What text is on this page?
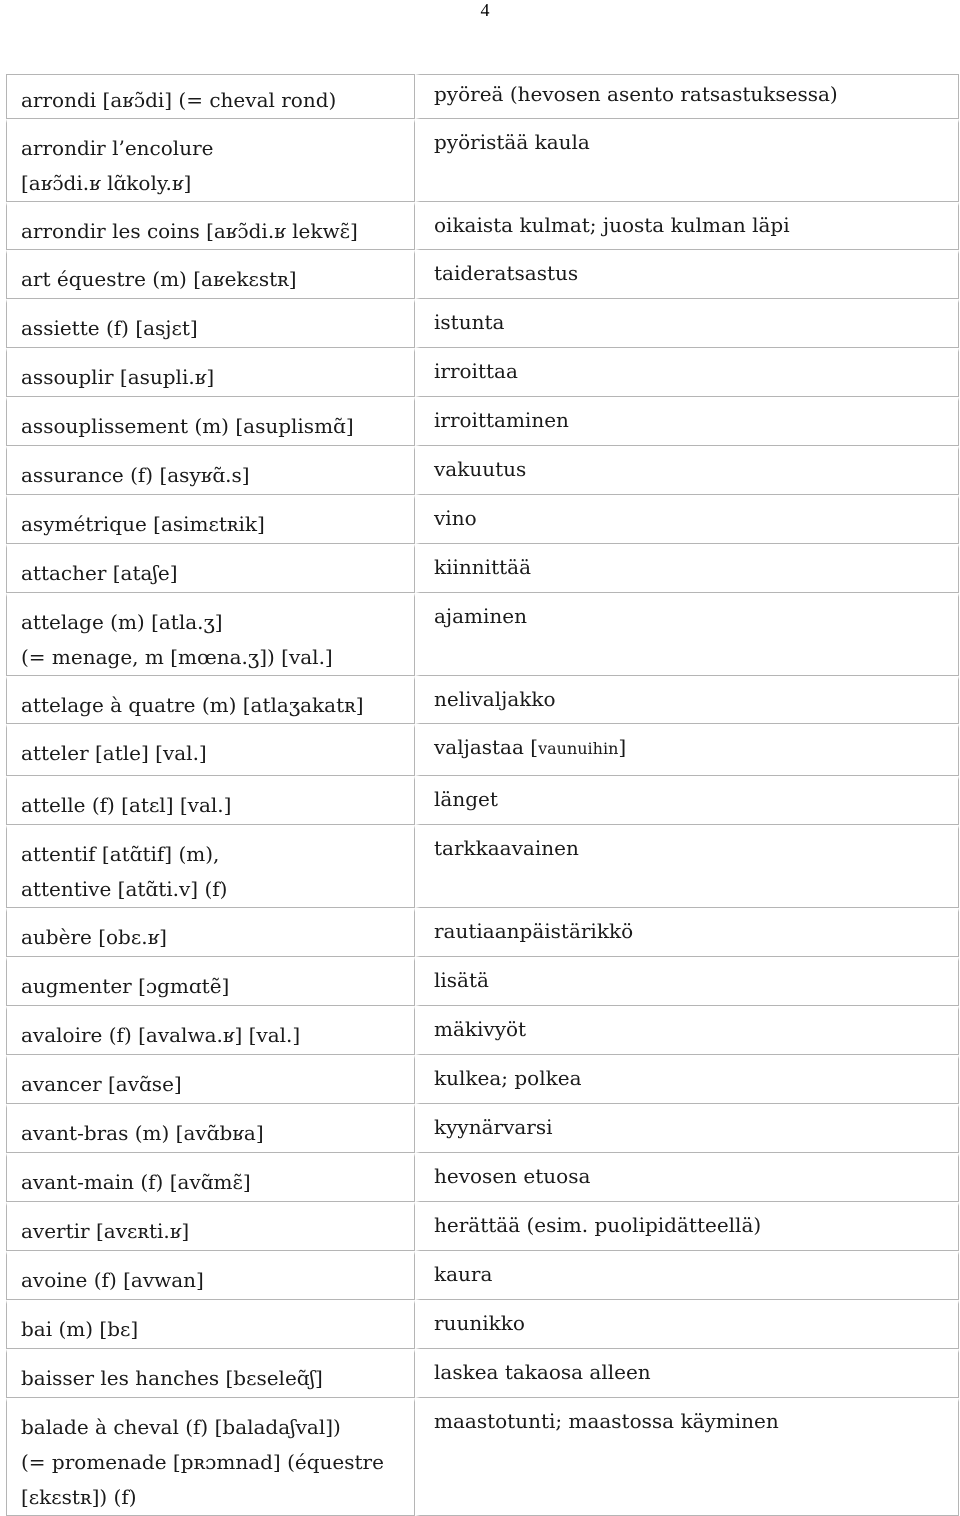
4
arrondi [aʁɔ̃di] (= cheval rond)	pyöreä (hevosen asento ratsastuksessa)

arrondir l’encolure
[aʁɔ̃di.ʁ lɑ̃koly.ʁ]	pyöristää kaula

arrondir les coins [aʁɔ̃di.ʁ lekwɛ̃]	oikaista kulmat; juosta kulman läpi

art équestre (m) [aʁekɛstʀ]	taideratsastus

assiette (f) [asjɛt]	istunta

assouplir [asupli.ʁ]	irroittaa

assouplissement (m) [asuplismɑ̃]	irroittaminen

assurance (f) [asyʁɑ̃.s]	vakuutus

asymétrique [asimɛtʀik]	vino

attacher [ataʃe]	kiinnittää

attelage (m) [atla.ʒ]
(= menage, m [mœna.ʒ]) [val.]	ajaminen

attelage à quatre (m) [atlaʒakatʀ]	nelivaljakko

atteler [atle] [val.]	valjastaa [vaunuihin]

attelle (f) [atɛl] [val.]	länget

attentif [atɑ̃tif] (m),
attentive [atɑ̃ti.v] (f)	tarkkaavainen

aubère [obɛ.ʁ]	rautiaanpäistärikkö

augmenter [ɔgmɑtẽ]	lisätä

avaloire (f) [avalwa.ʁ] [val.]	mäkivyöt

avancer [avɑ̃se]	kulkea; polkea

avant-bras (m) [avɑ̃bʁa]	kyynärvarsi

avant-main (f) [avɑ̃mɛ̃]	hevosen etuosa

avertir [avɛʀti.ʁ]	herättää (esim. puolipidätteellä)

avoine (f) [avwan]	kaura

bai (m) [bɛ]	ruunikko

baisser les hanches [bɛseleɑ̃ʃ]	laskea takaosa alleen

balade à cheval (f) [baladaʃval])
(= promenade [pʀɔmnad] (équestre
[ɛkɛstʀ]) (f)	maastotunti; maastossa käyminen
